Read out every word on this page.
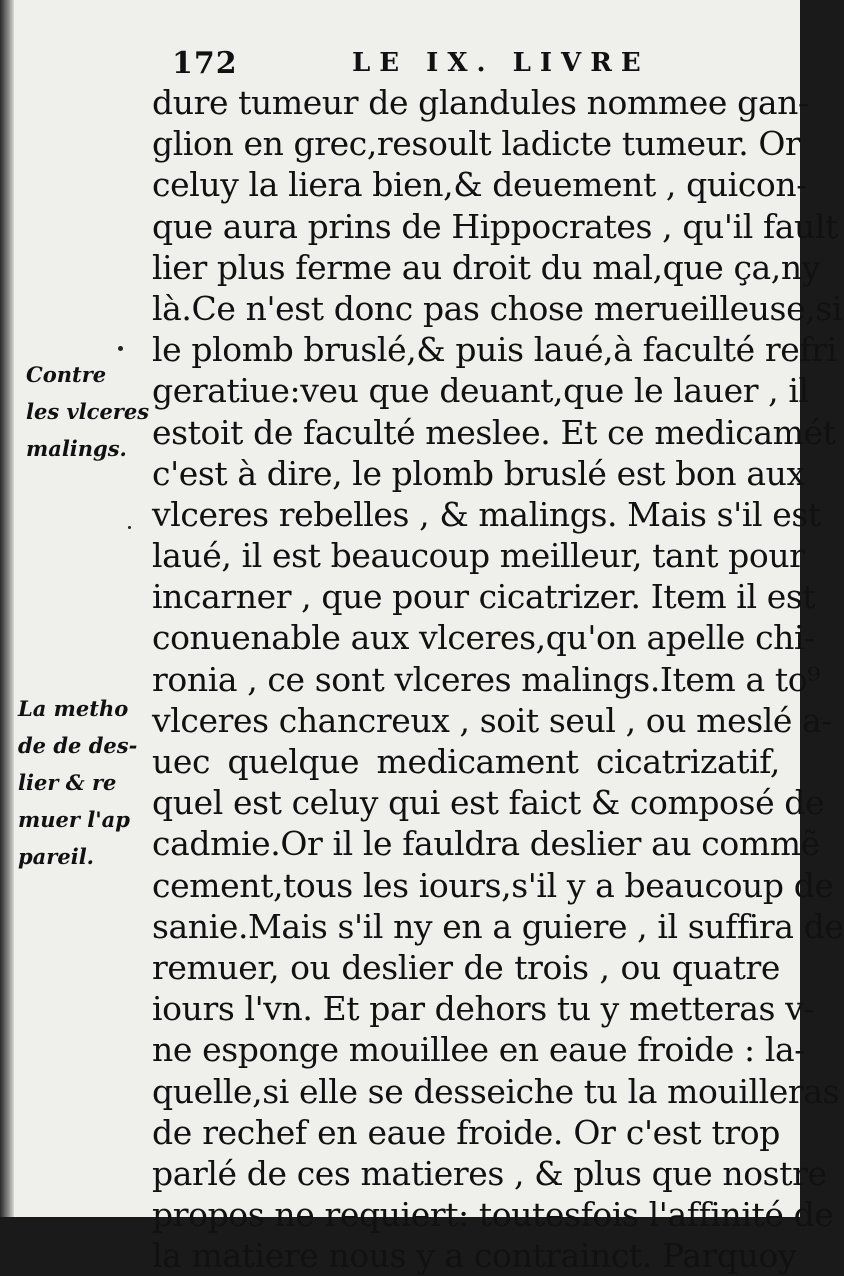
172	LE IX. LIVRE
Contre
les vlceres
malings.
La metho
de de des-
lier & re
muer l'ap
pareil.
dure tumeur de glandules nommee gan-
glion en grec,resoult ladicte tumeur. Or
celuy la liera bien,& deuement , quicon-
que aura prins de Hippocrates , qu'il fault
lier plus ferme au droit du mal,que ça,ny
là.Ce n'est donc pas chose merueilleuse,si
le plomb bruslé,& puis laué,à faculté refri
geratiue:veu que deuant,que le lauer , il
estoit de faculté meslee. Et ce medicamét
c'est à dire, le plomb bruslé est bon aux
vlceres rebelles , & malings. Mais s'il est
laué, il est beaucoup meilleur, tant pour
incarner , que pour cicatrizer. Item il est
conuenable aux vlceres,qu'on apelle chi-
ronia , ce sont vlceres malings.Item a to⁹
vlceres chancreux , soit seul , ou meslé a-
uec quelque medicament cicatrizatif,
quel est celuy qui est faict & composé de
cadmie.Or il le fauldra deslier au commẽ
cement,tous les iours,s'il y a beaucoup de
sanie.Mais s'il ny en a guiere , il suffira de
remuer, ou deslier de trois , ou quatre
iours l'vn. Et par dehors tu y metteras v-
ne esponge mouillee en eaue froide : la-
quelle,si elle se desseiche tu la mouilleras
de rechef en eaue froide. Or c'est trop
parlé de ces matieres , & plus que nostre
propos ne requiert: toutesfois l'affinité de
la matiere nous y a contrainct. Parquoy
